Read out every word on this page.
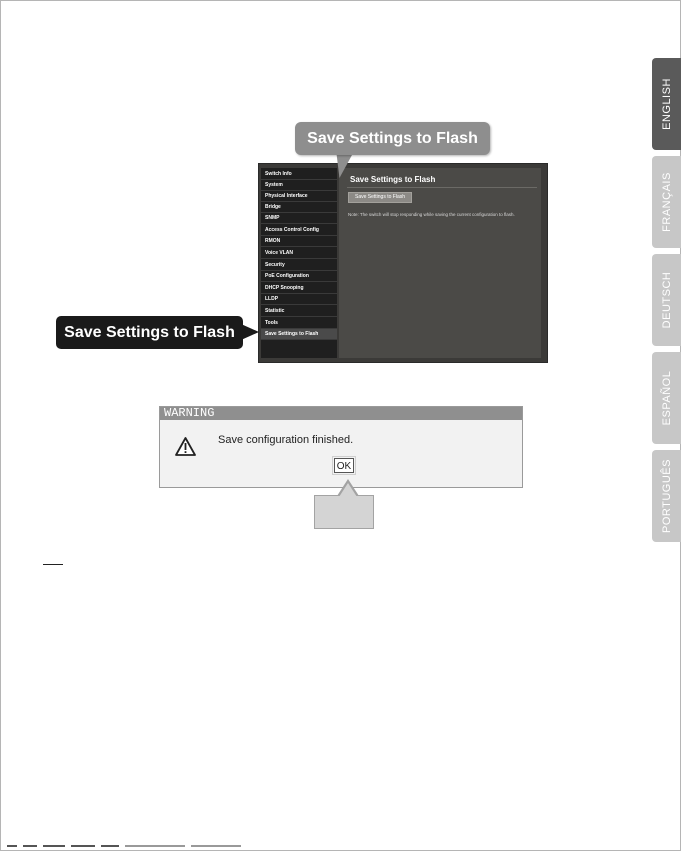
ENGLISH
FRANÇAIS
DEUTSCH
ESPAÑOL
PORTUGUÊS
Switch Info
System
Physical Interface
Bridge
SNMP
Access Control Config
RMON
Voice VLAN
Security
PoE Configuration
DHCP Snooping
LLDP
Statistic
Tools
Save Settings to Flash
Save Settings to Flash
Save Settings to Flash
Note: The switch will stop responding while saving the current configuration to flash.
Save Settings to Flash
Save Settings to Flash
WARNING
Save configuration finished.
OK
